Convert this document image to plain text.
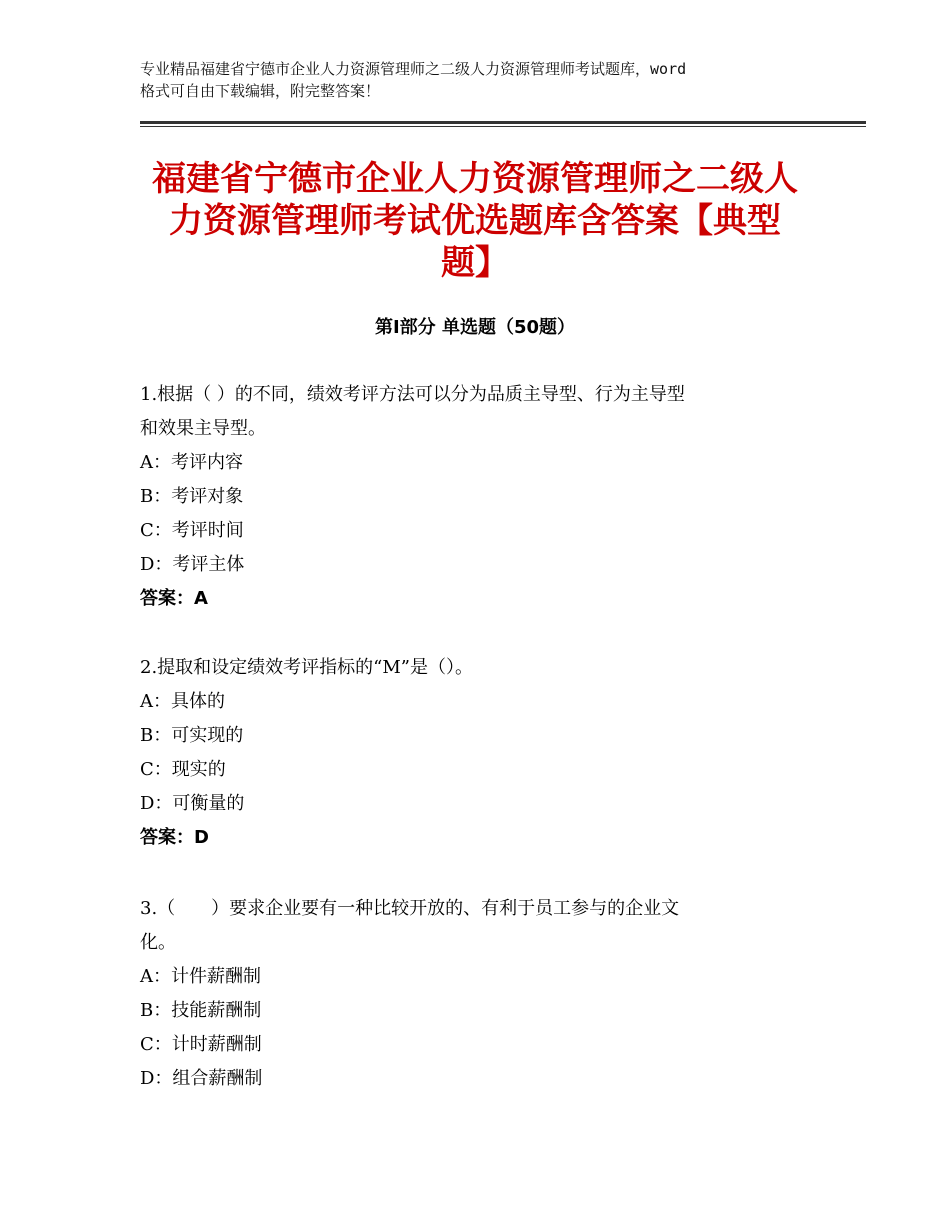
专业精品福建省宁德市企业人力资源管理师之二级人力资源管理师考试题库，word
格式可自由下载编辑，附完整答案！
福建省宁德市企业人力资源管理师之二级人
力资源管理师考试优选题库含答案【典型
题】
第Ⅰ部分 单选题（50题）
1.根据（ ）的不同，绩效考评方法可以分为品质主导型、行为主导型
和效果主导型。
A：考评内容
B：考评对象
C：考评时间
D：考评主体
答案：A
2.提取和设定绩效考评指标的“M”是（）。
A：具体的
B：可实现的
C：现实的
D：可衡量的
答案：D
3.（　　）要求企业要有一种比较开放的、有利于员工参与的企业文
化。
A：计件薪酬制
B：技能薪酬制
C：计时薪酬制
D：组合薪酬制
